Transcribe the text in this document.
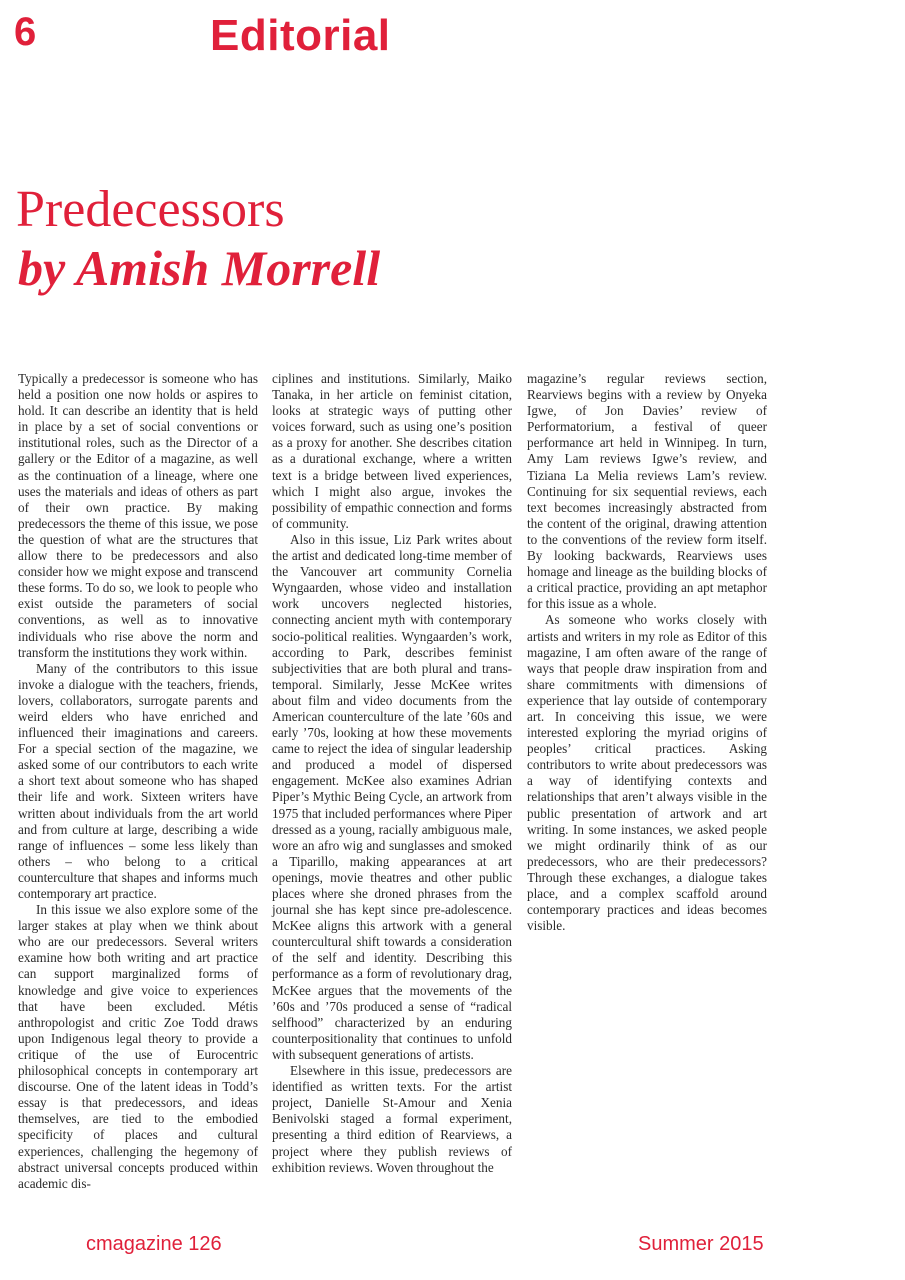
6	Editorial
Predecessors
by Amish Morrell

Typically a predecessor is someone who has held a position one now holds or aspires to hold. It can describe an identity that is held in place by a set of social conventions or institutional roles, such as the Director of a gallery or the Editor of a magazine, as well as the continuation of a lineage, where one uses the materials and ideas of others as part of their own practice. By making predecessors the theme of this issue, we pose the question of what are the structures that allow there to be predecessors and also consider how we might expose and transcend these forms. To do so, we look to people who exist outside the parameters of social conventions, as well as to innovative individuals who rise above the norm and transform the institutions they work within.

Many of the contributors to this issue invoke a dialogue with the teachers, friends, lovers, collaborators, surrogate parents and weird elders who have enriched and influenced their imaginations and careers. For a special section of the magazine, we asked some of our contributors to each write a short text about someone who has shaped their life and work. Sixteen writers have written about individuals from the art world and from culture at large, describing a wide range of influences – some less likely than others – who belong to a critical counterculture that shapes and informs much contemporary art practice.

In this issue we also explore some of the larger stakes at play when we think about who are our predecessors. Several writers examine how both writing and art practice can support marginalized forms of knowledge and give voice to experiences that have been excluded. Métis anthropologist and critic Zoe Todd draws upon Indigenous legal theory to provide a critique of the use of Eurocentric philosophical concepts in contemporary art discourse. One of the latent ideas in Todd’s essay is that predecessors, and ideas themselves, are tied to the embodied specificity of places and cultural experiences, challenging the hegemony of abstract universal concepts produced within academic dis-

ciplines and institutions. Similarly, Maiko Tanaka, in her article on feminist citation, looks at strategic ways of putting other voices forward, such as using one’s position as a proxy for another. She describes citation as a durational exchange, where a written text is a bridge between lived experiences, which I might also argue, invokes the possibility of empathic connection and forms of community.

Also in this issue, Liz Park writes about the artist and dedicated long-time member of the Vancouver art community Cornelia Wyngaarden, whose video and installation work uncovers neglected histories, connecting ancient myth with contemporary socio-political realities. Wyngaarden’s work, according to Park, describes feminist subjectivities that are both plural and trans-temporal. Similarly, Jesse McKee writes about film and video documents from the American counterculture of the late ’60s and early ’70s, looking at how these movements came to reject the idea of singular leadership and produced a model of dispersed engagement. McKee also examines Adrian Piper’s Mythic Being Cycle, an artwork from 1975 that included performances where Piper dressed as a young, racially ambiguous male, wore an afro wig and sunglasses and smoked a Tiparillo, making appearances at art openings, movie theatres and other public places where she droned phrases from the journal she has kept since pre-adolescence. McKee aligns this artwork with a general countercultural shift towards a consideration of the self and identity. Describing this performance as a form of revolutionary drag, McKee argues that the movements of the ’60s and ’70s produced a sense of “radical selfhood” characterized by an enduring counterpositionality that continues to unfold with subsequent generations of artists.

Elsewhere in this issue, predecessors are identified as written texts. For the artist project, Danielle St-Amour and Xenia Benivolski staged a formal experiment, presenting a third edition of Rearviews, a project where they publish reviews of exhibition reviews. Woven throughout the

magazine’s regular reviews section, Rearviews begins with a review by Onyeka Igwe, of Jon Davies’ review of Performatorium, a festival of queer performance art held in Winnipeg. In turn, Amy Lam reviews Igwe’s review, and Tiziana La Melia reviews Lam’s review. Continuing for six sequential reviews, each text becomes increasingly abstracted from the content of the original, drawing attention to the conventions of the review form itself. By looking backwards, Rearviews uses homage and lineage as the building blocks of a critical practice, providing an apt metaphor for this issue as a whole.

As someone who works closely with artists and writers in my role as Editor of this magazine, I am often aware of the range of ways that people draw inspiration from and share commitments with dimensions of experience that lay outside of contemporary art. In conceiving this issue, we were interested exploring the myriad origins of peoples’ critical practices. Asking contributors to write about predecessors was a way of identifying contexts and relationships that aren’t always visible in the public presentation of artwork and art writing. In some instances, we asked people we might ordinarily think of as our predecessors, who are their predecessors? Through these exchanges, a dialogue takes place, and a complex scaffold around contemporary practices and ideas becomes visible.

cmagazine 126	Summer 2015
